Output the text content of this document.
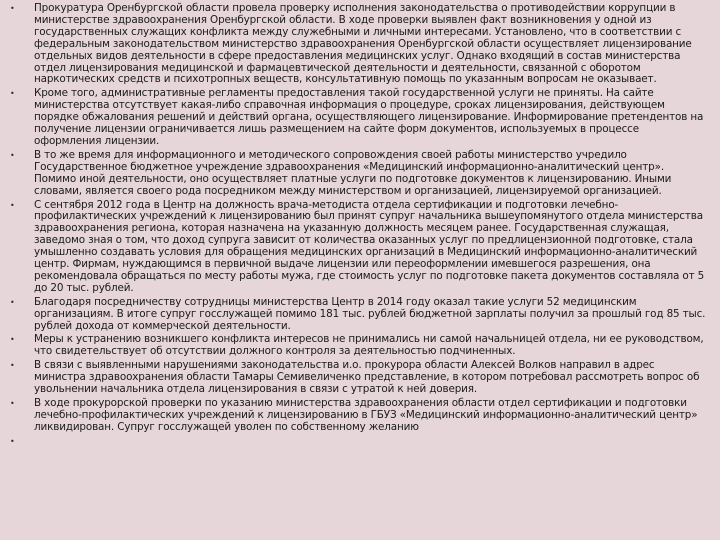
• Прокуратура Оренбургской области провела проверку исполнения законодательства о противодействии коррупции в министерстве здравоохранения Оренбургской области. В ходе проверки выявлен факт возникновения у одной из государственных служащих конфликта между служебными и личными интересами. Установлено, что в соответствии с федеральным законодательством министерство здравоохранения Оренбургской области осуществляет лицензирование отдельных видов деятельности в сфере предоставления медицинских услуг. Однако входящий в состав министерства отдел лицензирования медицинской и фармацевтической деятельности и деятельности, связанной с оборотом наркотических средств и психотропных веществ, консультативную помощь по указанным вопросам не оказывает.
• Кроме того, административные регламенты предоставления такой государственной услуги не приняты. На сайте министерства отсутствует какая-либо справочная информация о процедуре, сроках лицензирования, действующем порядке обжалования решений и действий органа, осуществляющего лицензирование. Информирование претендентов на получение лицензии ограничивается лишь размещением на сайте форм документов, используемых в процессе оформления лицензии.
• В то же время для информационного и методического сопровождения своей работы министерство учредило Государственное бюджетное учреждение здравоохранения «Медицинский информационно-аналитический центр». Помимо иной деятельности, оно осуществляет платные услуги по подготовке документов к лицензированию. Иными словами, является своего рода посредником между министерством и организацией, лицензируемой организацией.
• С сентября 2012 года в Центр на должность врача-методиста отдела сертификации и подготовки лечебно-профилактических учреждений к лицензированию был принят супруг начальника вышеупомянутого отдела министерства здравоохранения региона, которая назначена на указанную должность месяцем ранее. Государственная служащая, заведомо зная о том, что доход супруга зависит от количества оказанных услуг по предлицензионной подготовке, стала умышленно создавать условия для обращения медицинских организаций в Медицинский информационно-аналитический центр. Фирмам, нуждающимся в первичной выдаче лицензии или переоформлении имевшегося разрешения, она рекомендовала обращаться по месту работы мужа, где стоимость услуг по подготовке пакета документов составляла от 5 до 20 тыс. рублей.
• Благодаря посредничеству сотрудницы министерства Центр в 2014 году оказал такие услуги 52 медицинским организациям. В итоге супруг госслужащей помимо 181 тыс. рублей бюджетной зарплаты получил за прошлый год 85 тыс. рублей дохода от коммерческой деятельности.
• Меры к устранению возникшего конфликта интересов не принимались ни самой начальницей отдела, ни ее руководством, что свидетельствует об отсутствии должного контроля за деятельностью подчиненных.
• В связи с выявленными нарушениями законодательства и.о. прокурора области Алексей Волков направил в адрес министра здравоохранения области Тамары Семивеличенко представление, в котором потребовал рассмотреть вопрос об увольнении начальника отдела лицензирования в связи с утратой к ней доверия.
• В ходе прокурорской проверки по указанию министерства здравоохранения области отдел сертификации и подготовки лечебно-профилактических учреждений к лицензированию в ГБУЗ «Медицинский информационно-аналитический центр» ликвидирован. Супруг госслужащей уволен по собственному желанию
•
